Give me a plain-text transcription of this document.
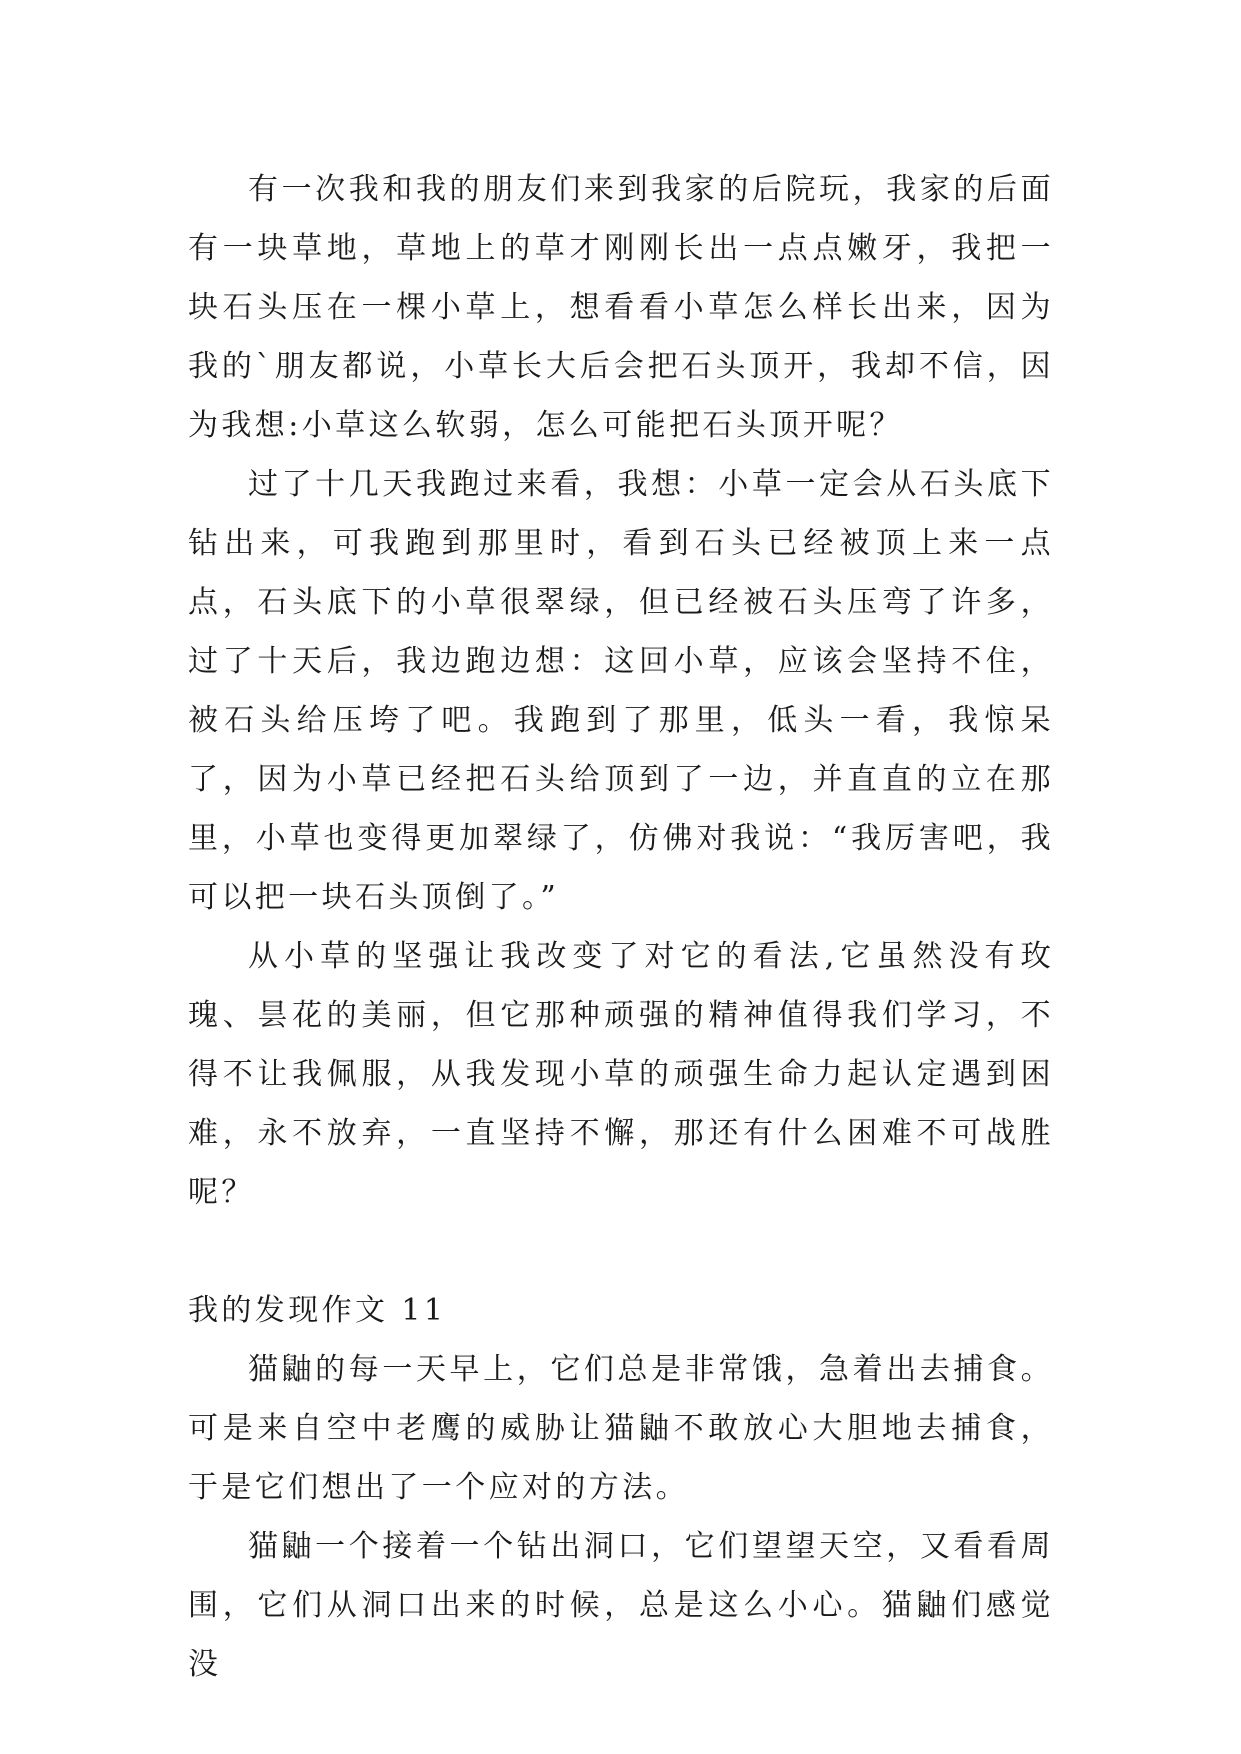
有一次我和我的朋友们来到我家的后院玩，我家的后面有一块草地，草地上的草才刚刚长出一点点嫩牙，我把一块石头压在一棵小草上，想看看小草怎么样长出来，因为我的`朋友都说，小草长大后会把石头顶开，我却不信，因为我想:小草这么软弱，怎么可能把石头顶开呢？

过了十几天我跑过来看，我想：小草一定会从石头底下钻出来，可我跑到那里时，看到石头已经被顶上来一点点，石头底下的小草很翠绿，但已经被石头压弯了许多，过了十天后，我边跑边想：这回小草，应该会坚持不住，被石头给压垮了吧。我跑到了那里，低头一看，我惊呆了，因为小草已经把石头给顶到了一边，并直直的立在那里，小草也变得更加翠绿了，仿佛对我说：“我厉害吧，我可以把一块石头顶倒了。”

从小草的坚强让我改变了对它的看法,它虽然没有玫瑰、昙花的美丽，但它那种顽强的精神值得我们学习，不得不让我佩服，从我发现小草的顽强生命力起认定遇到困难，永不放弃，一直坚持不懈，那还有什么困难不可战胜呢？

我的发现作文 11

猫鼬的每一天早上，它们总是非常饿，急着出去捕食。可是来自空中老鹰的威胁让猫鼬不敢放心大胆地去捕食，于是它们想出了一个应对的方法。

猫鼬一个接着一个钻出洞口，它们望望天空，又看看周围，它们从洞口出来的时候，总是这么小心。猫鼬们感觉没
